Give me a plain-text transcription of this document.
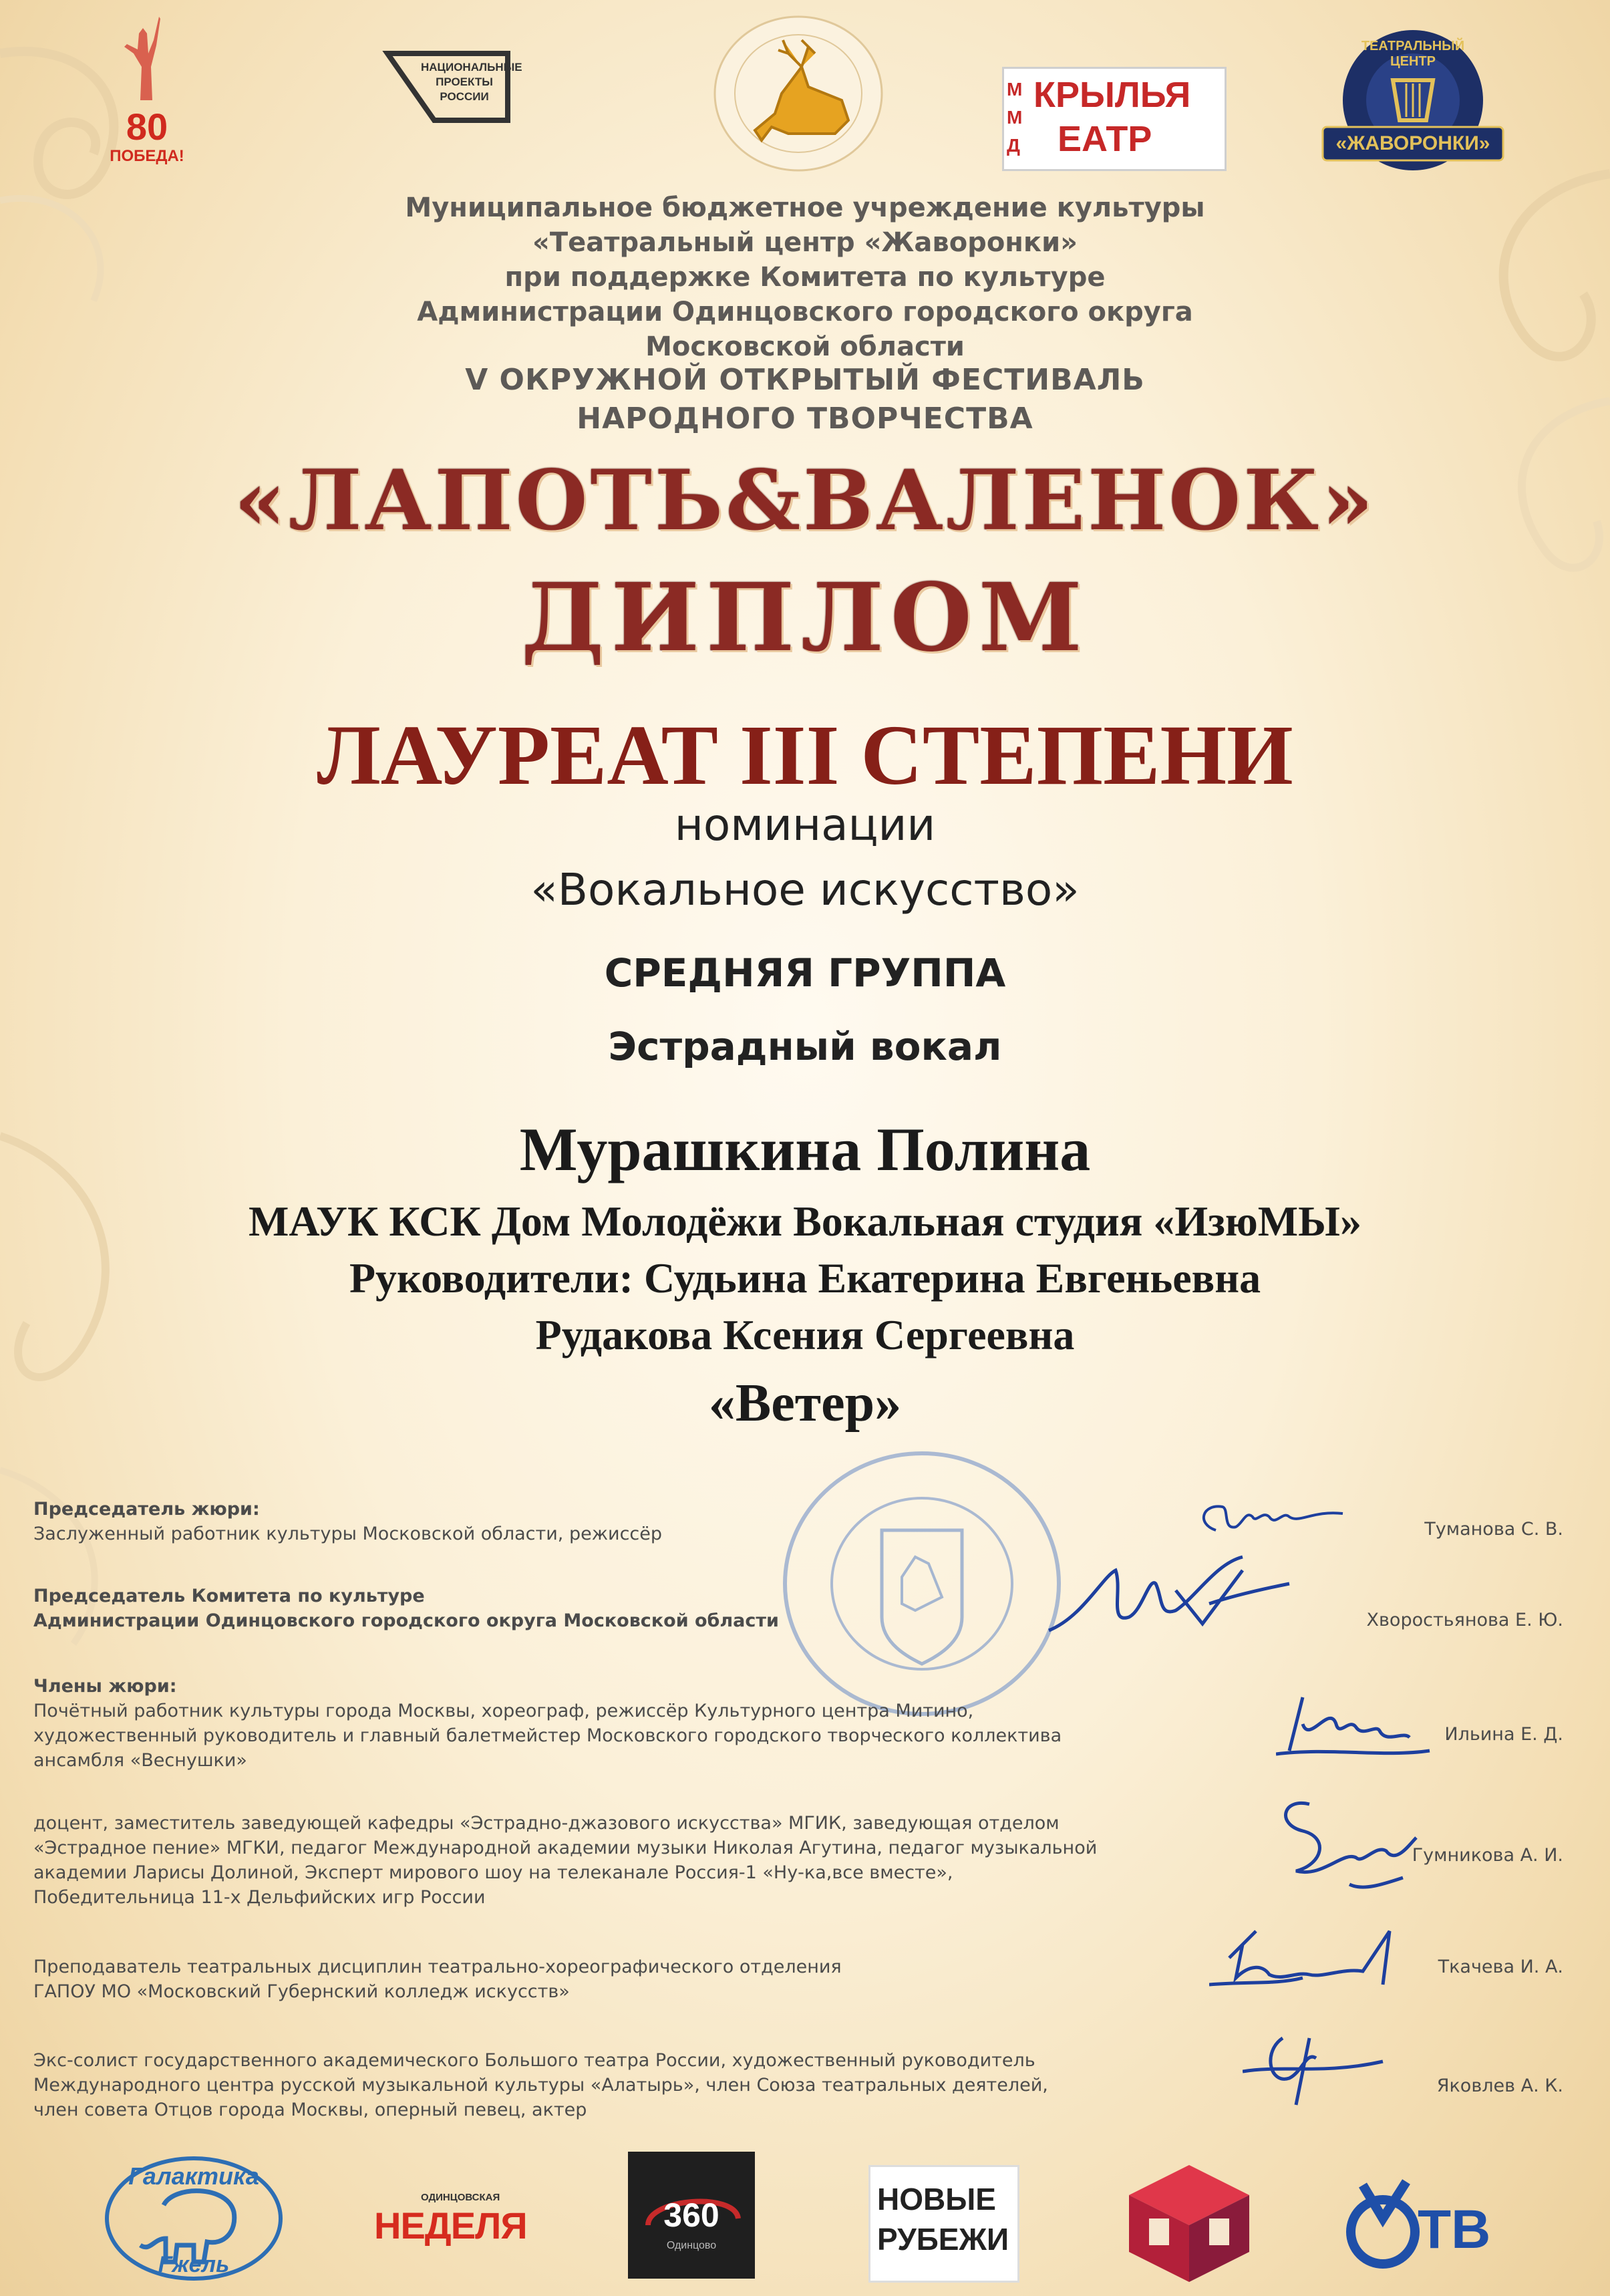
80
ПОБЕДА!
НАЦИОНАЛЬНЫЕ
ПРОЕКТЫ
РОССИИ	ММД
КРЫЛЬЯ
ЕАТР
ТЕАТРАЛЬНЫЙ ЦЕНТР
«ЖАВОРОНКИ»
Муниципальное бюджетное учреждение культуры
«Театральный центр «Жаворонки»
при поддержке Комитета по культуре
Администрации Одинцовского городского округа
Московской области
V ОКРУЖНОЙ ОТКРЫТЫЙ ФЕСТИВАЛЬ
НАРОДНОГО ТВОРЧЕСТВА
«ЛАПОТЬ&ВАЛЕНОК»
ДИПЛОМ
ЛАУРЕАТ III СТЕПЕНИ
номинации
«Вокальное искусство»
СРЕДНЯЯ ГРУППА
Эстрадный вокал
Мурашкина Полина
МАУК КСК Дом Молодёжи Вокальная студия «ИзюМЫ»
Руководители: Судьина Екатерина Евгеньевна
Рудакова Ксения Сергеевна
«Ветер»
Председатель жюри:
Заслуженный работник культуры Московской области, режиссёр	Туманова С. В.
Председатель Комитета по культуре
Администрации Одинцовского городского округа Московской области	Хворостьянова Е. Ю.
Члены жюри:
Почётный работник культуры города Москвы, хореограф, режиссёр Культурного центра Митино,
художественный руководитель и главный балетмейстер Московского городского творческого коллектива
ансамбля «Веснушки»
Ильина Е. Д.
доцент, заместитель заведующей кафедры «Эстрадно-джазового искусства» МГИК, заведующая отделом
«Эстрадное пение» МГКИ, педагог Международной академии музыки Николая Агутина, педагог музыкальной
академии Ларисы Долиной, Эксперт мирового шоу на телеканале Россия-1 «Ну-ка,все вместе»,
Победительница 11-х Дельфийских игр России
Гумникова А. И.
Преподаватель театральных дисциплин театрально-хореографического отделения
ГАПОУ МО «Московский Губернский колледж искусств»
Ткачева И. А.
Экс-солист государственного академического Большого театра России, художественный руководитель
Международного центра русской музыкальной культуры «Алатырь», член Союза театральных деятелей,
член совета Отцов города Москвы, оперный певец, актер
Яковлев А. К.
Галактика
Гжель
ОДИНЦОВСКАЯ
НЕДЕЛЯ	360
Одинцово
НОВЫЕ
РУБЕЖИ	ТВ
